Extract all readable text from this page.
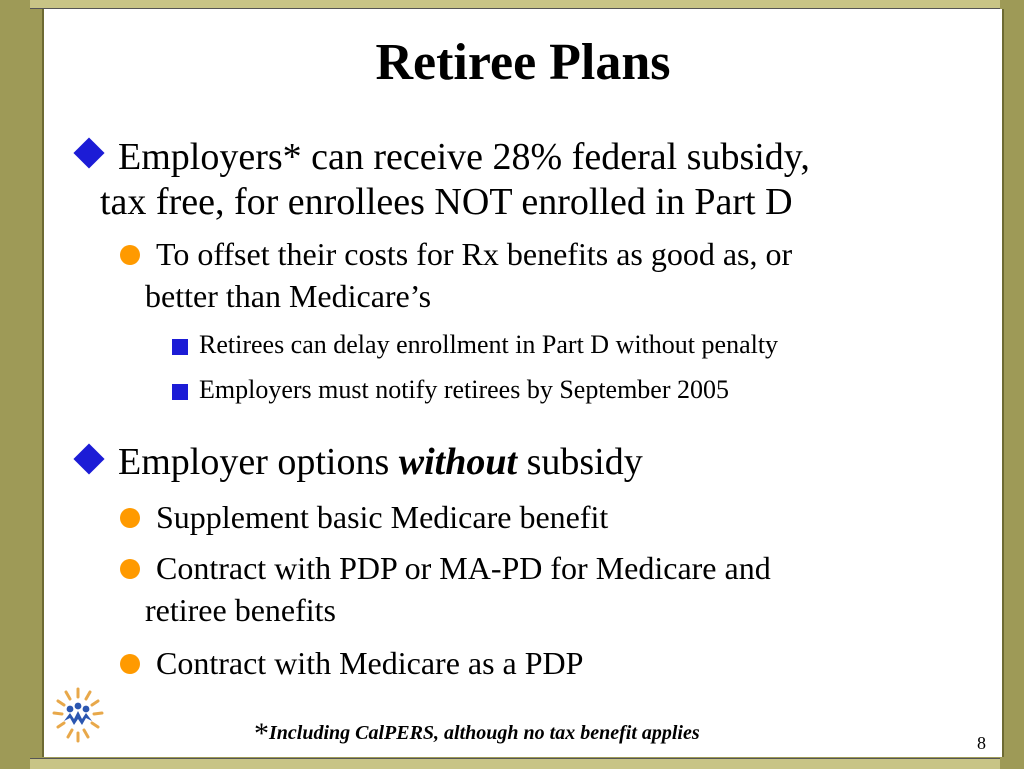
Retiree Plans
Employers* can receive 28% federal subsidy,
tax free, for enrollees NOT enrolled in Part D
To offset their costs for Rx benefits as good as, or
better than Medicare’s
Retirees can delay enrollment in Part D without penalty
Employers must notify retirees by September 2005
Employer options without subsidy
Supplement basic Medicare benefit
Contract with PDP or MA-PD for Medicare and
retiree benefits
Contract with Medicare as a PDP
*Including CalPERS, although no tax benefit applies	8
